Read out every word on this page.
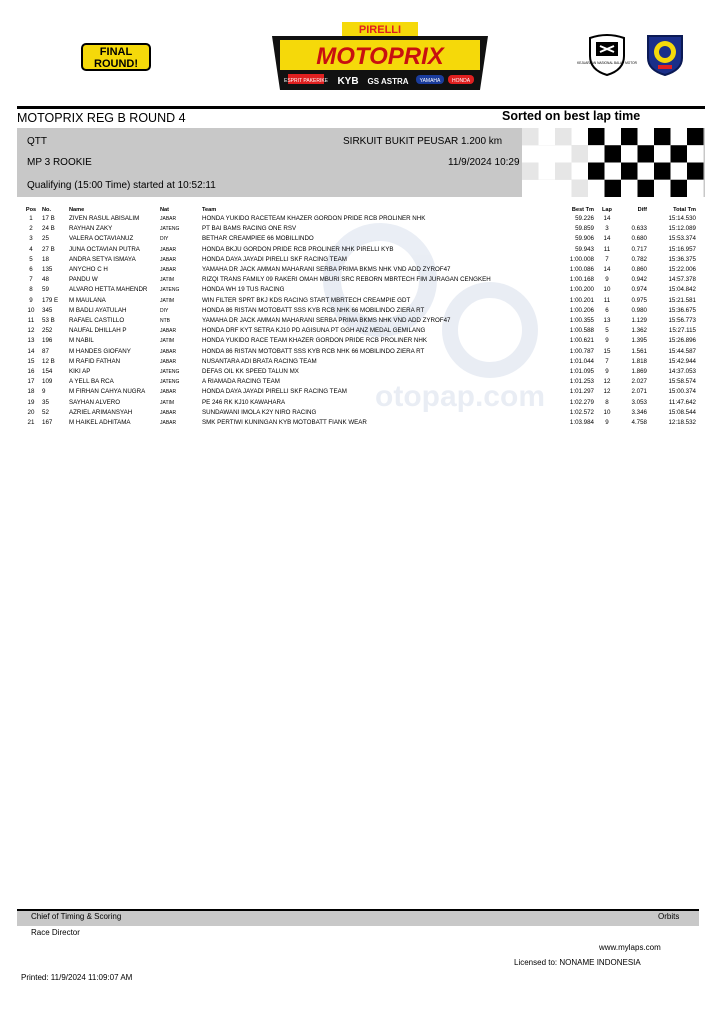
FINAL
ROUND!
PIRELLI
MOTOPRIX
ESPRIT PAKERIKE KYB GS ASTRA YAMAHA HONDA
KEJUARAAN NASIONAL BALAP MOTOR
MOTOPRIX REG B ROUND 4	Sorted on best lap time
QTT	SIRKUIT BUKIT PEUSAR 1.200 km
MP 3 ROOKIE	11/9/2024 10:29
Qualifying (15:00 Time) started at 10:52:11
otopap.com
Pos	No.	Name	Nat	Team	Best Tm	Lap	Diff	Total Tm
1	17 B	ZIVEN RASUL ABISALIM	JABAR	HONDA YUKIDO RACETEAM KHAZER GORDON PRIDE RCB PROLINER NHK	59.226	14		15:14.530
2	24 B	RAYHAN ZAKY	JATENG	PT BAI BAMS RACING ONE RSV	59.859	3	0.633	15:12.089
3	25	VALERA OCTAVIANUZ	DIY	BETHAR CREAMPIEE 66 MOBILLINDO	59.906	14	0.680	15:53.374
4	27 B	JUNA OCTAVIAN PUTRA	JABAR	HONDA BKJU GORDON PRIDE RCB PROLINER NHK PIRELLI KYB	59.943	11	0.717	15:16.957
5	18	ANDRA SETYA ISMAYA	JABAR	HONDA DAYA JAYADI PIRELLI SKF RACING TEAM	1:00.008	7	0.782	15:36.375
6	135	ANYCHO C H	JABAR	YAMAHA DR JACK AMMAN MAHARANI SERBA PRIMA BKMS NHK VND ADD ZYROF47	1:00.086	14	0.860	15:22.006
7	48	PANDU W	JATIM	RIZQI TRANS FAMILY 09 RAKERI OMAH MBURI SRC REBORN MBRTECH FIM JURAGAN CENGKEH	1:00.168	9	0.942	14:57.378
8	59	ALVARO HETTA MAHENDR	JATENG	HONDA WH 19 TUS RACING	1:00.200	10	0.974	15:04.842
9	179 E	M MAULANA	JATIM	WIN FILTER SPRT BKJ KDS RACING START MBRTECH CREAMPIE GDT	1:00.201	11	0.975	15:21.581
10	345	M BADLI AYATULAH	DIY	HONDA 86 RISTAN MOTOBATT SSS KYB RCB NHK 66 MOBILINDO ZIERA RT	1:00.206	6	0.980	15:36.675
11	53 B	RAFAEL CASTILLO	NTB	YAMAHA DR JACK AMMAN MAHARANI SERBA PRIMA BKMS NHK VND ADD ZYROF47	1:00.355	13	1.129	15:56.773
12	252	NAUFAL DHILLAH P	JABAR	HONDA DRF KYT SETRA KJ10 PD AGISUNA PT GGH ANZ MEDAL GEMILANG	1:00.588	5	1.362	15:27.115
13	196	M NABIL	JATIM	HONDA YUKIDO RACE TEAM KHAZER GORDON PRIDE RCB PROLINER NHK	1:00.621	9	1.395	15:26.896
14	87	M HANDES GIOFANY	JABAR	HONDA 86 RISTAN MOTOBATT SSS KYB RCB NHK 66 MOBILINDO ZIERA RT	1:00.787	15	1.561	15:44.587
15	12 B	M RAFID FATHAN	JABAR	NUSANTARA ADI BRATA RACING TEAM	1:01.044	7	1.818	15:42.944
16	154	KIKI AP	JATENG	DEFAS OIL KK SPEED TALUN MX	1:01.095	9	1.869	14:37.053
17	109	A YELL BA RCA	JATENG	A RIAMADA RACING TEAM	1:01.253	12	2.027	15:58.574
18	9	M FIRHAN CAHYA NUGRA	JABAR	HONDA DAYA JAYADI PIRELLI SKF RACING TEAM	1:01.297	12	2.071	15:00.374
19	35	SAYHAN ALVERO	JATIM	PE 246 RK KJ10 KAWAHARA	1:02.279	8	3.053	11:47.642
20	52	AZRIEL ARIMANSYAH	JABAR	SUNDAWANI IMOLA K2Y NIRO RACING	1:02.572	10	3.346	15:08.544
21	167	M HAIKEL ADHITAMA	JABAR	SMK PERTIWI KUNINGAN KYB MOTOBATT FIANK WEAR	1:03.984	9	4.758	12:18.532
Chief of Timing & Scoring	Orbits
Race Director
www.mylaps.com
Licensed to: NONAME INDONESIA
Printed: 11/9/2024 11:09:07 AM
